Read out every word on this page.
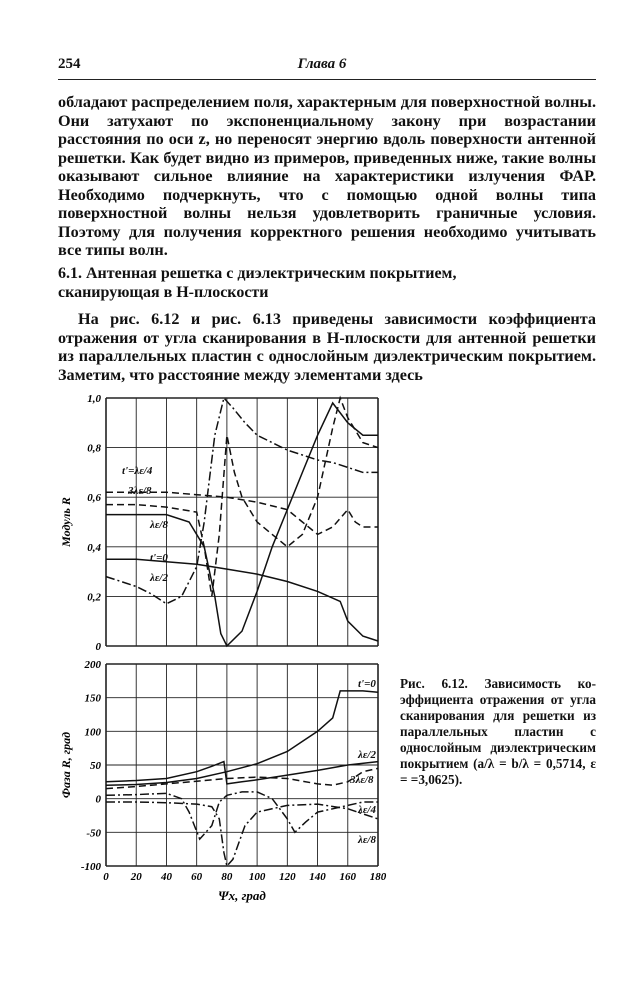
254	Глава 6

обладают распределением поля, характерным для поверхностной волны. Они затухают по экспоненциальному закону при возрастании расстояния по оси z, но переносят энергию вдоль поверхности антенной решетки. Как будет видно из примеров, приведенных ниже, такие волны оказывают сильное влияние на характеристики излучения ФАР. Необходимо подчеркнуть, что с помощью одной волны типа поверхностной волны нельзя удовлетворить граничные условия. Поэтому для получения корректного решения необходимо учитывать все типы волн.

6.1. Антенная решетка с диэлектрическим покрытием,
сканирующая в H-плоскости

На рис. 6.12 и рис. 6.13 приведены зависимости коэффициента отражения от угла сканирования в H-плоскости для антенной решетки из параллельных пластин с однослойным диэлектрическим покрытием. Заметим, что расстояние между элементами здесь

0
0,2
0,4
0,6
0,8
1,0
Модуль R
t'=0
λε/2
λε/8
3λε/8
t'=λε/4
-100
-50
0
50
100
150
200
0 20 40 60 80 100 120 140 160 180
Фаза R, град
Ψx, град
t'=0
λε/2
3λε/8
λε/4
λε/8

Рис. 6.12. Зависимость коэффициента отражения от угла сканирования для решетки из параллельных пластин с однослойным диэлектрическим покрытием (a/λ = b/λ = 0,5714, ε = =3,0625).
